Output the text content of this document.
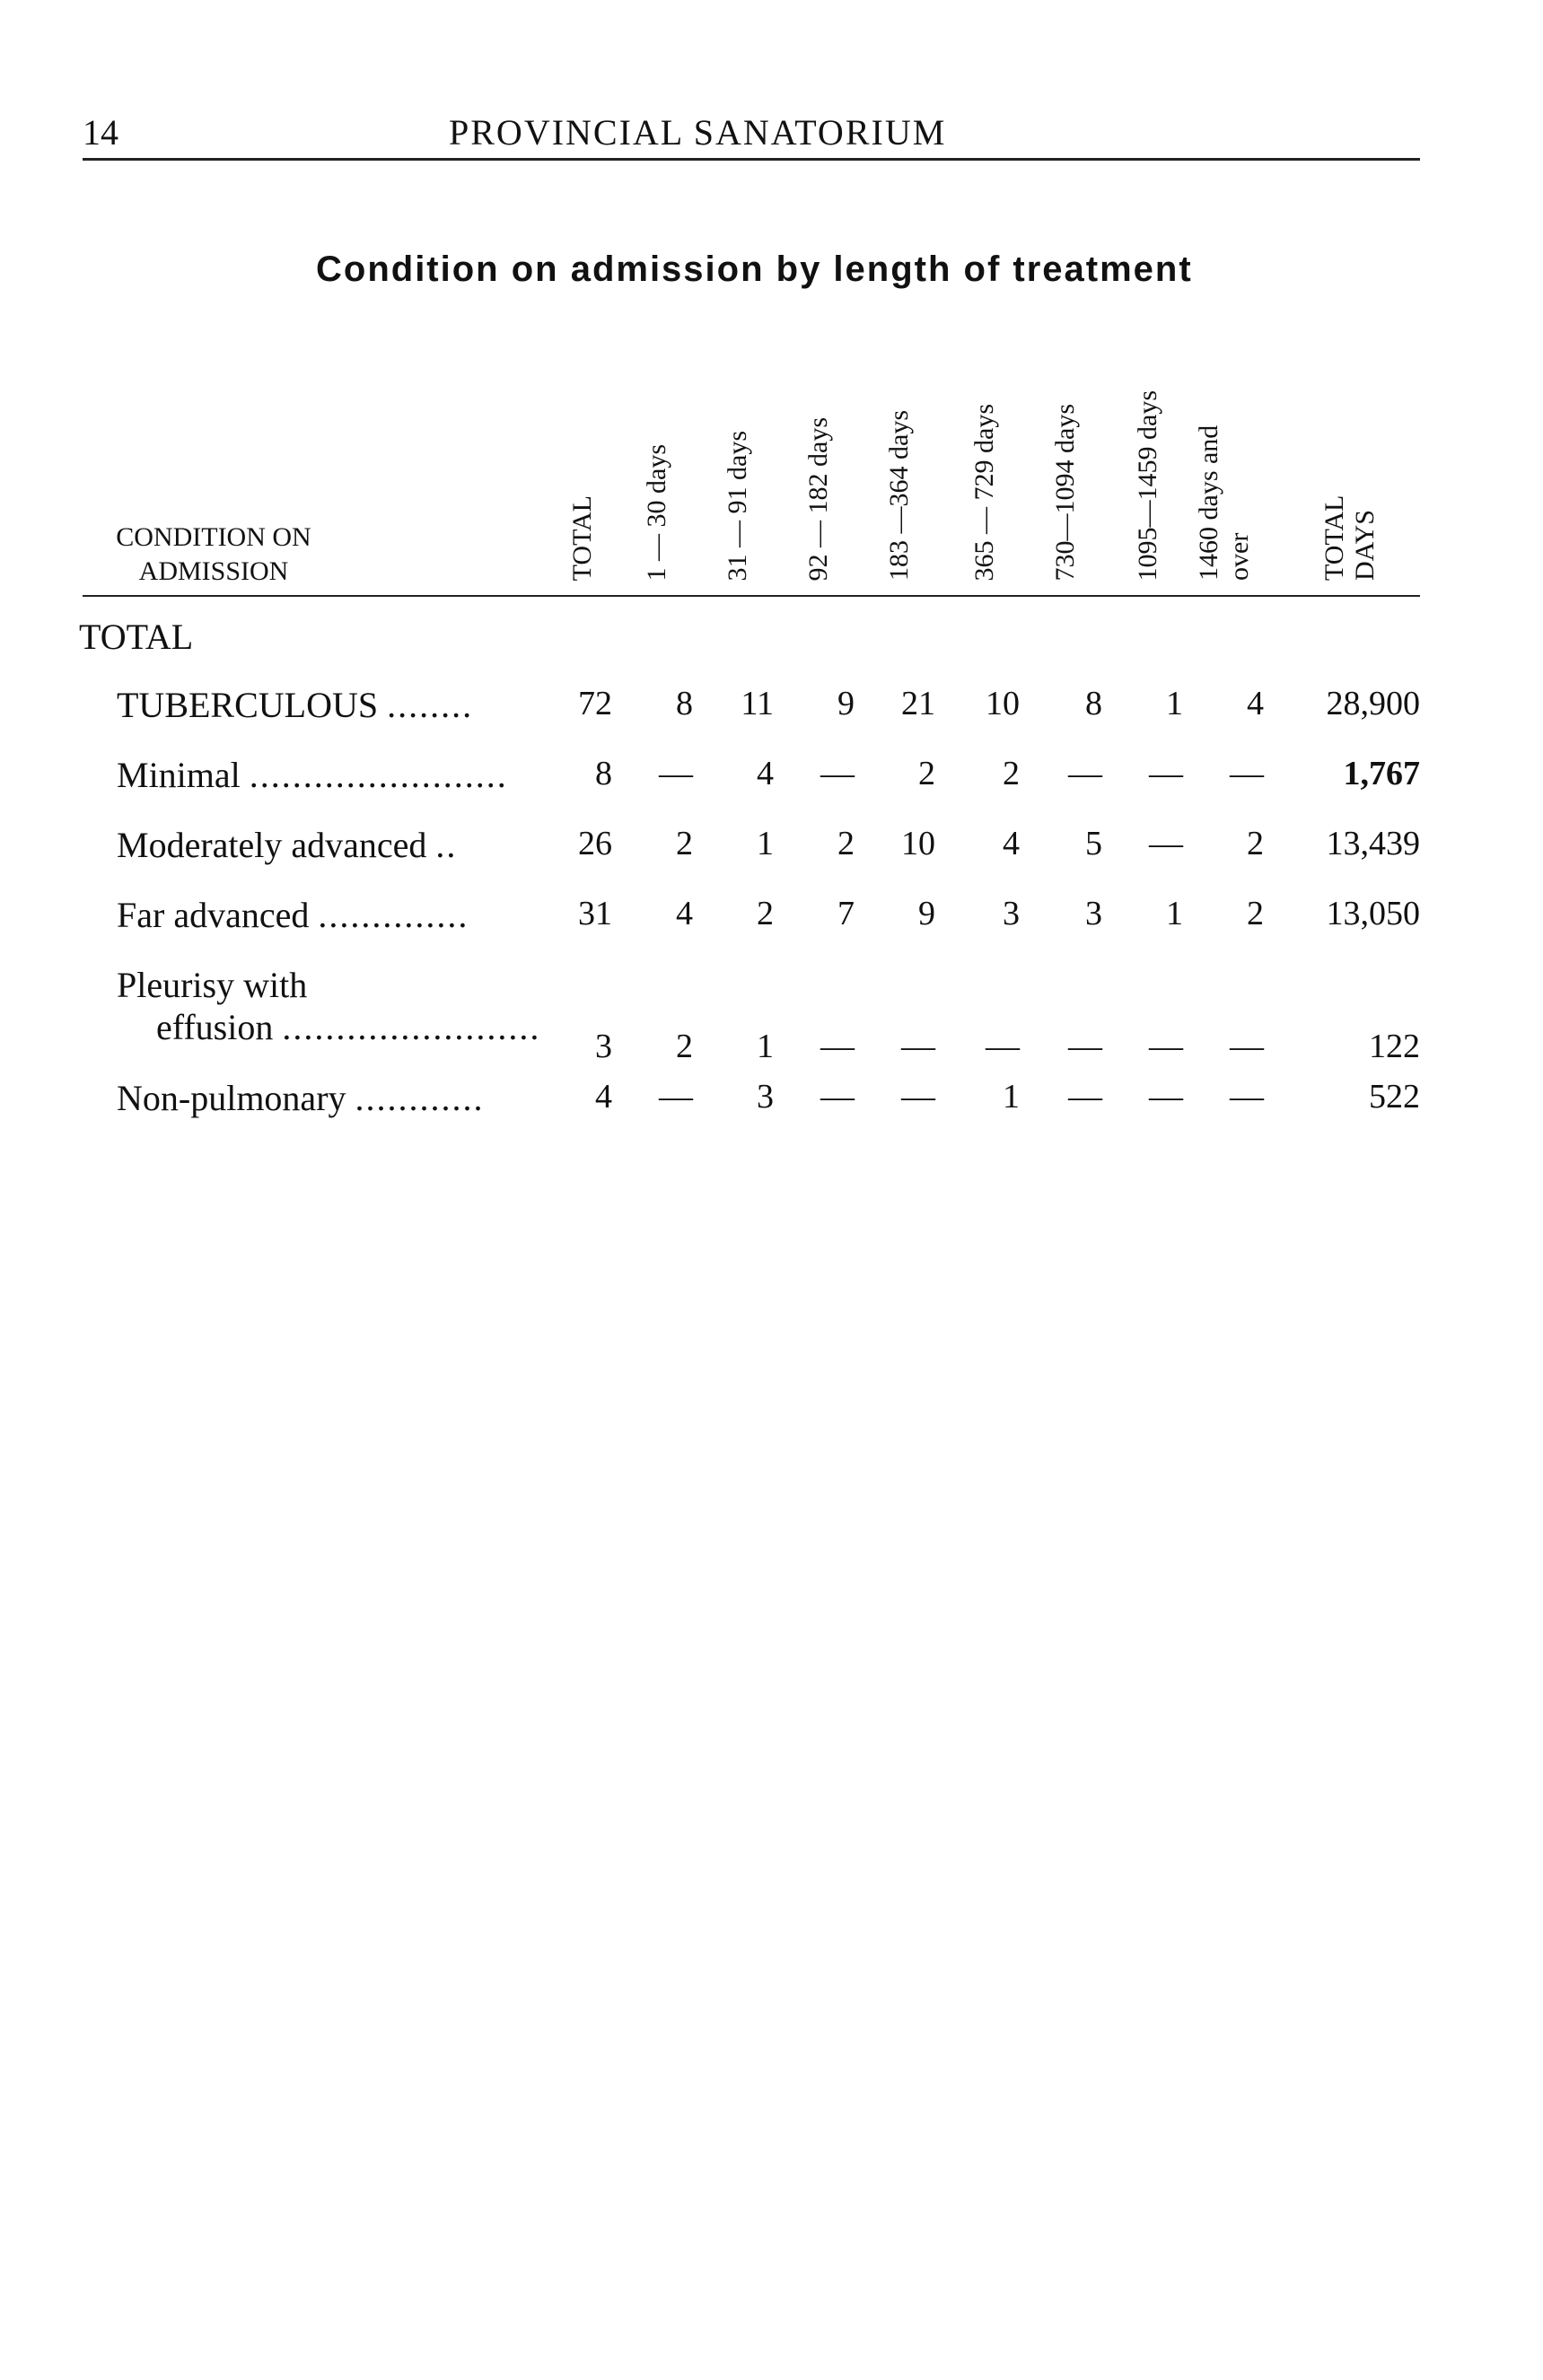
14	PROVINCIAL SANATORIUM
Condition on admission by length of treatment
TOTAL 1 — 30 days 31 — 91 days 92 — 182 days 183 —364 days 365 — 729 days 730—1094 days 1095—1459 days 1460 days and over TOTAL DAYS
CONDITION ON
ADMISSION
TOTAL
TUBERCULOUS ........	72 8 11 9 21 10 8 1 4 28,900
Minimal ........................	8 — 4 — 2 2 — — — 1,767
Moderately advanced ..	26 2 1 2 10 4 5 — 2 13,439
Far advanced ..............	31 4 2 7 9 3 3 1 2 13,050
Pleurisy with
effusion ........................ 3 2 1 — — — — — —	122
Non-pulmonary ............	4 — 3 — — 1 — — —	522
